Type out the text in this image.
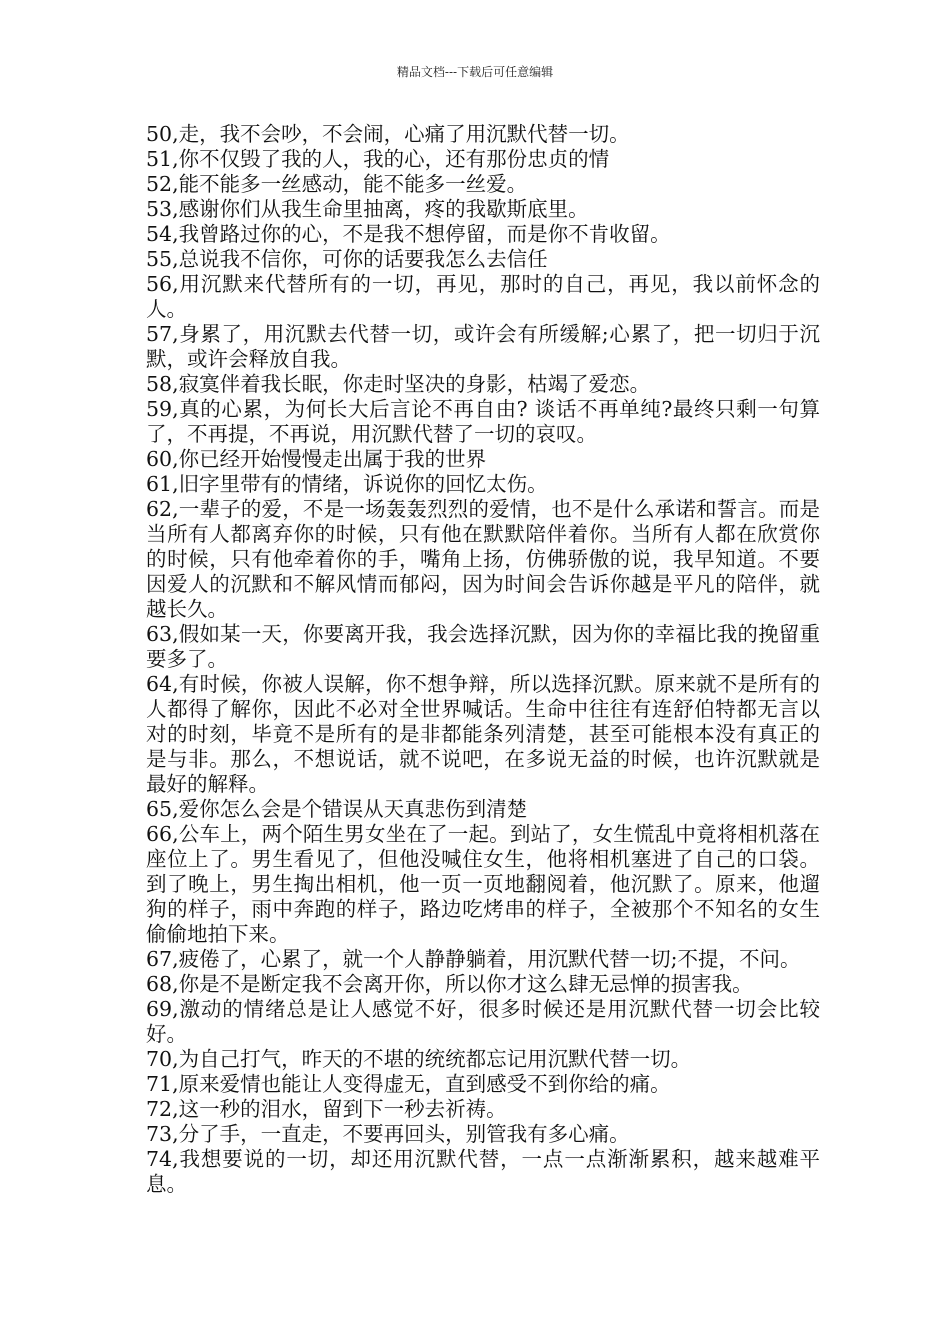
精品文档---下载后可任意编辑

50,走，我不会吵，不会闹，心痛了用沉默代替一切。

51,你不仅毁了我的人，我的心，还有那份忠贞的情

52,能不能多一丝感动，能不能多一丝爱。

53,感谢你们从我生命里抽离，疼的我歇斯底里。

54,我曾路过你的心，不是我不想停留，而是你不肯收留。

55,总说我不信你，可你的话要我怎么去信任

56,用沉默来代替所有的一切，再见，那时的自己，再见，我以前怀念的人。

57,身累了，用沉默去代替一切，或许会有所缓解;心累了，把一切归于沉默，或许会释放自我。

58,寂寞伴着我长眠，你走时坚决的身影，枯竭了爱恋。

59,真的心累，为何长大后言论不再自由? 谈话不再单纯?最终只剩一句算了，不再提，不再说，用沉默代替了一切的哀叹。

60,你已经开始慢慢走出属于我的世界

61,旧字里带有的情绪，诉说你的回忆太伤。

62,一辈子的爱，不是一场轰轰烈烈的爱情，也不是什么承诺和誓言。而是当所有人都离弃你的时候，只有他在默默陪伴着你。当所有人都在欣赏你的时候，只有他牵着你的手，嘴角上扬，仿佛骄傲的说，我早知道。不要因爱人的沉默和不解风情而郁闷，因为时间会告诉你越是平凡的陪伴，就越长久。

63,假如某一天，你要离开我，我会选择沉默，因为你的幸福比我的挽留重要多了。

64,有时候，你被人误解，你不想争辩，所以选择沉默。原来就不是所有的人都得了解你，因此不必对全世界喊话。生命中往往有连舒伯特都无言以对的时刻，毕竟不是所有的是非都能条列清楚，甚至可能根本没有真正的是与非。那么，不想说话，就不说吧，在多说无益的时候，也许沉默就是最好的解释。

65,爱你怎么会是个错误从天真悲伤到清楚

66,公车上，两个陌生男女坐在了一起。到站了，女生慌乱中竟将相机落在座位上了。男生看见了，但他没喊住女生，他将相机塞进了自己的口袋。到了晚上，男生掏出相机，他一页一页地翻阅着，他沉默了。原来，他遛狗的样子，雨中奔跑的样子，路边吃烤串的样子，全被那个不知名的女生偷偷地拍下来。

67,疲倦了，心累了，就一个人静静躺着，用沉默代替一切;不提，不问。

68,你是不是断定我不会离开你，所以你才这么肆无忌惮的损害我。

69,激动的情绪总是让人感觉不好，很多时候还是用沉默代替一切会比较好。

70,为自己打气，昨天的不堪的统统都忘记用沉默代替一切。

71,原来爱情也能让人变得虚无，直到感受不到你给的痛。

72,这一秒的泪水，留到下一秒去祈祷。

73,分了手，一直走，不要再回头，别管我有多心痛。

74,我想要说的一切，却还用沉默代替，一点一点渐渐累积，越来越难平息。
